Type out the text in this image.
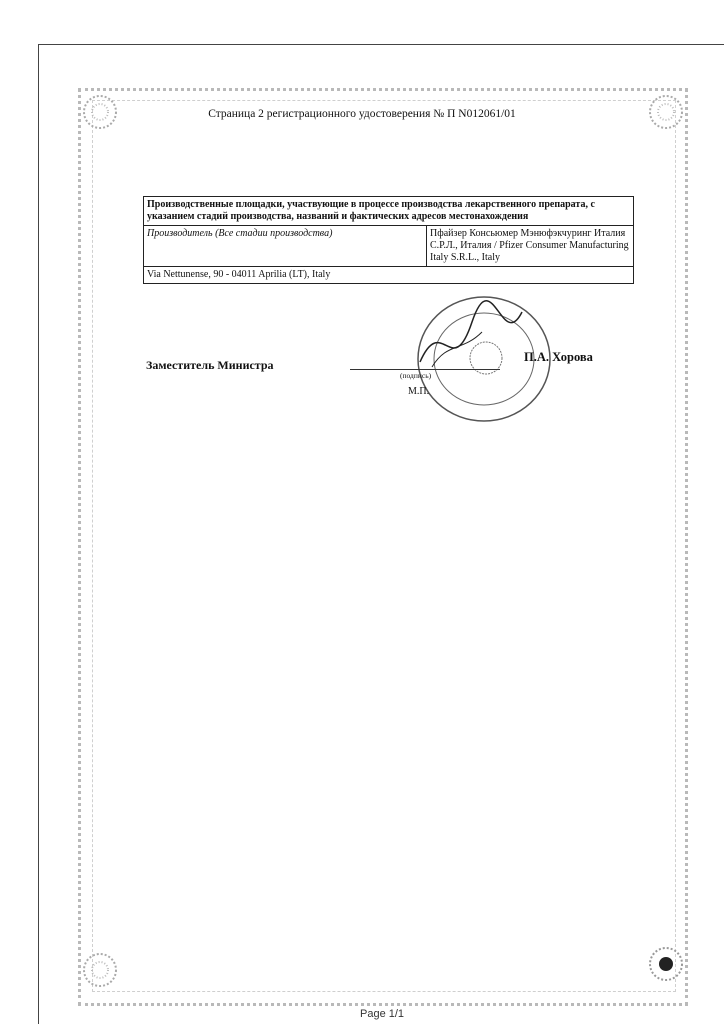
Страница 2 регистрационного удостоверения № П N012061/01
Производственные площадки, участвующие в процессе производства лекарственного препарата, с указанием стадий производства, названий и фактических адресов местонахождения
Производитель (Все стадии производства)	Пфайзер Консьюмер Мэнюфэкчуринг Италия С.Р.Л., Италия / Pfizer Consumer Manufacturing Italy S.R.L., Italy
Via Nettunense, 90 - 04011 Aprilia (LT), Italy
Заместитель Министра
П.А. Хорова
(подпись)
М.П.
Page 1/1
